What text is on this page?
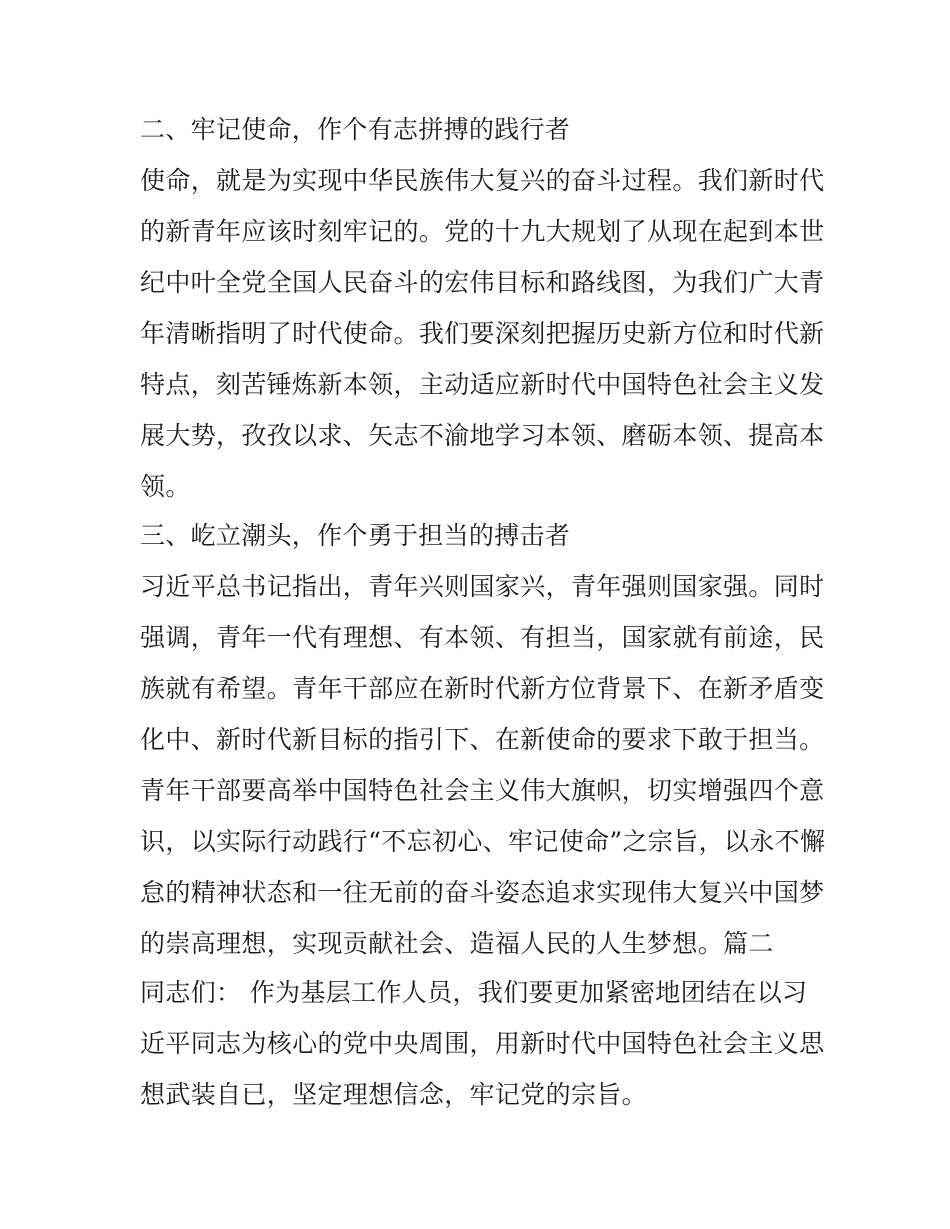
二、牢记使命，作个有志拼搏的践行者
使命，就是为实现中华民族伟大复兴的奋斗过程。我们新时代
的新青年应该时刻牢记的。党的十九大规划了从现在起到本世
纪中叶全党全国人民奋斗的宏伟目标和路线图，为我们广大青
年清晰指明了时代使命。我们要深刻把握历史新方位和时代新
特点，刻苦锤炼新本领，主动适应新时代中国特色社会主义发
展大势，孜孜以求、矢志不渝地学习本领、磨砺本领、提高本
领。
三、屹立潮头，作个勇于担当的搏击者
习近平总书记指出，青年兴则国家兴，青年强则国家强。同时
强调，青年一代有理想、有本领、有担当，国家就有前途，民
族就有希望。青年干部应在新时代新方位背景下、在新矛盾变
化中、新时代新目标的指引下、在新使命的要求下敢于担当。
青年干部要高举中国特色社会主义伟大旗帜，切实增强四个意
识，以实际行动践行“不忘初心、牢记使命”之宗旨，以永不懈
怠的精神状态和一往无前的奋斗姿态追求实现伟大复兴中国梦
的崇高理想，实现贡献社会、造福人民的人生梦想。篇二
同志们： 作为基层工作人员，我们要更加紧密地团结在以习
近平同志为核心的党中央周围，用新时代中国特色社会主义思
想武装自已，坚定理想信念，牢记党的宗旨。
